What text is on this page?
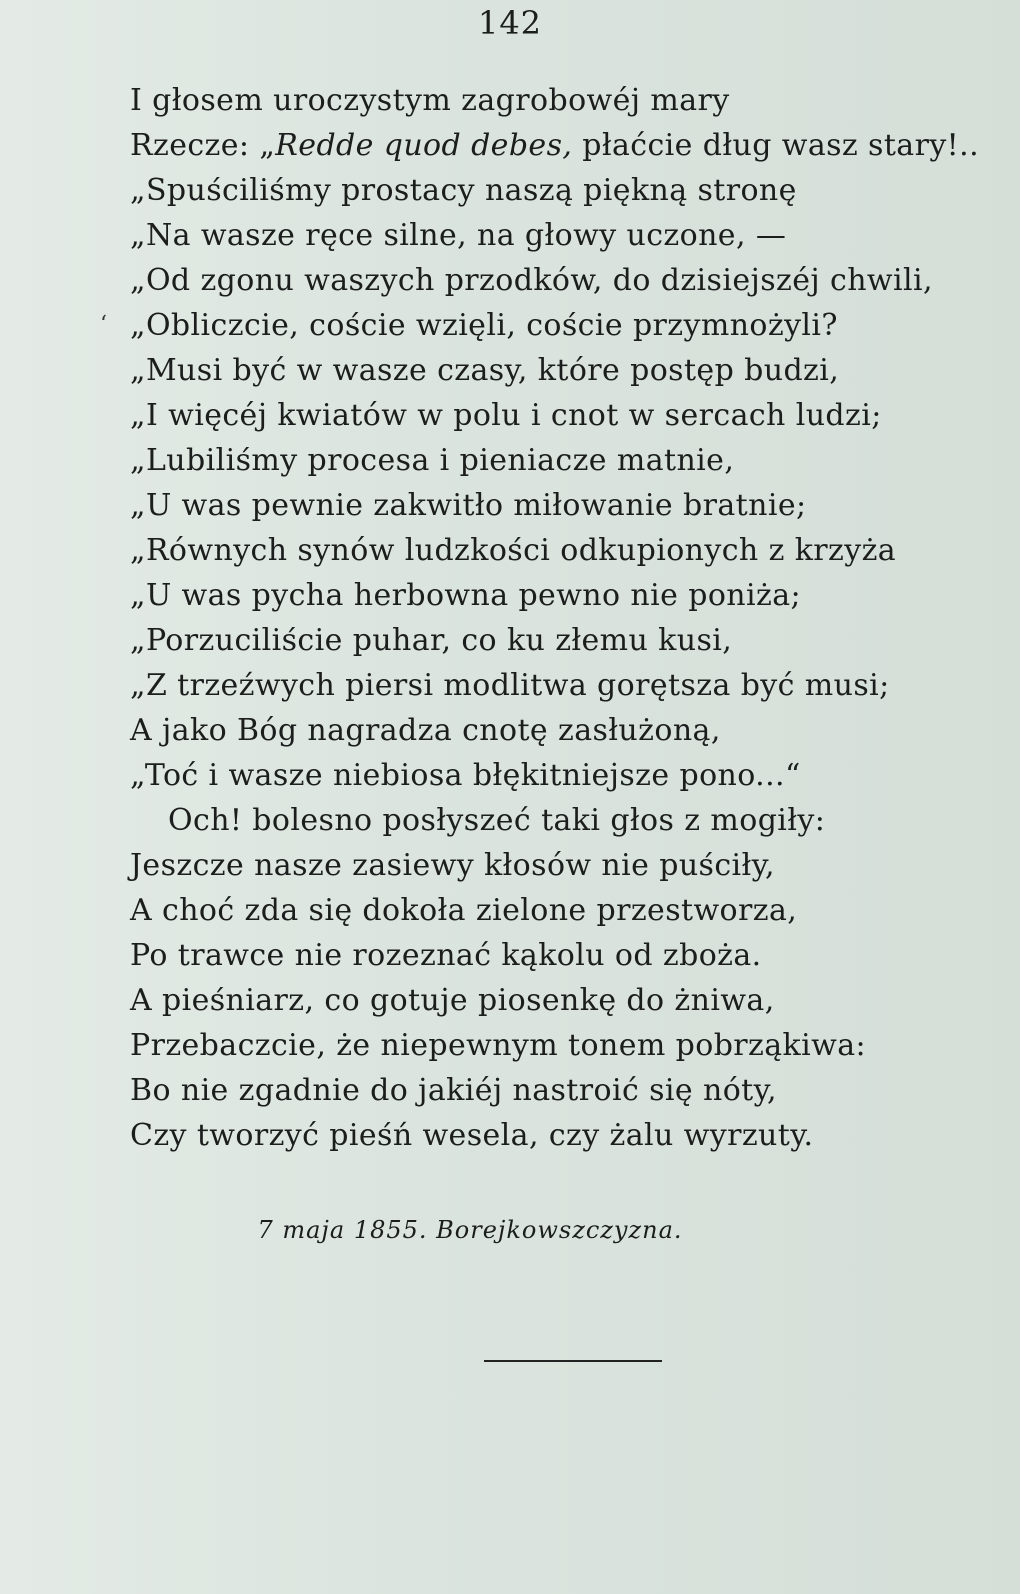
142
‘
I głosem uroczystym zagrobowéj mary
Rzecze: „Redde quod debes, płaćcie dług wasz stary!..
„Spuściliśmy prostacy naszą piękną stronę
„Na wasze ręce silne, na głowy uczone, —
„Od zgonu waszych przodków, do dzisiejszéj chwili,
„Obliczcie, coście wzięli, coście przymnożyli?
„Musi być w wasze czasy, które postęp budzi,
„I więcéj kwiatów w polu i cnot w sercach ludzi;
„Lubiliśmy procesa i pieniacze matnie,
„U was pewnie zakwitło miłowanie bratnie;
„Równych synów ludzkości odkupionych z krzyża
„U was pycha herbowna pewno nie poniża;
„Porzuciliście puhar, co ku złemu kusi,
„Z trzeźwych piersi modlitwa gorętsza być musi;
A jako Bóg nagradza cnotę zasłużoną,
„Toć i wasze niebiosa błękitniejsze pono...“
Och! bolesno posłyszeć taki głos z mogiły:
Jeszcze nasze zasiewy kłosów nie puściły,
A choć zda się dokoła zielone przestworza,
Po trawce nie rozeznać kąkolu od zboża.
A pieśniarz, co gotuje piosenkę do żniwa,
Przebaczcie, że niepewnym tonem pobrząkiwa:
Bo nie zgadnie do jakiéj nastroić się nóty,
Czy tworzyć pieśń wesela, czy żalu wyrzuty.
7 maja 1855. Borejkowszczyzna.
